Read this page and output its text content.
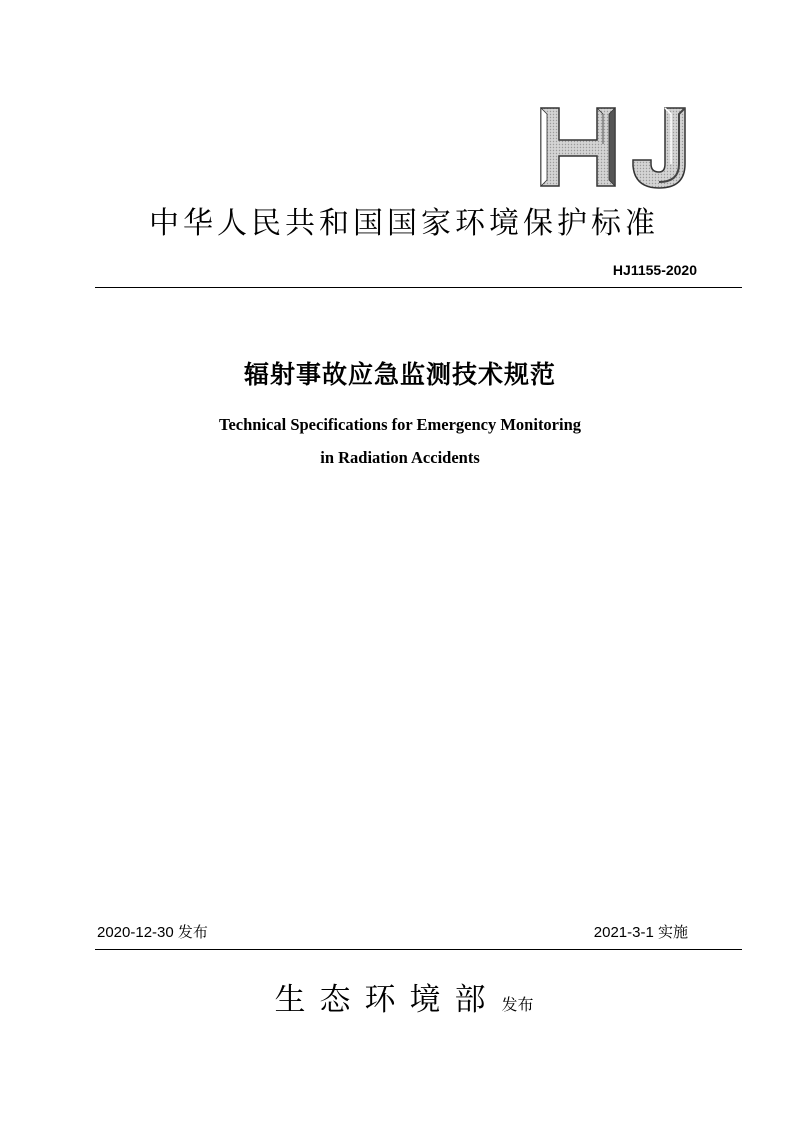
中华人民共和国国家环境保护标准
HJ1155-2020
辐射事故应急监测技术规范
Technical Specifications for Emergency Monitoring
in Radiation Accidents
2020-12-30 发布	2021-3-1 实施
生态环境部 发布
